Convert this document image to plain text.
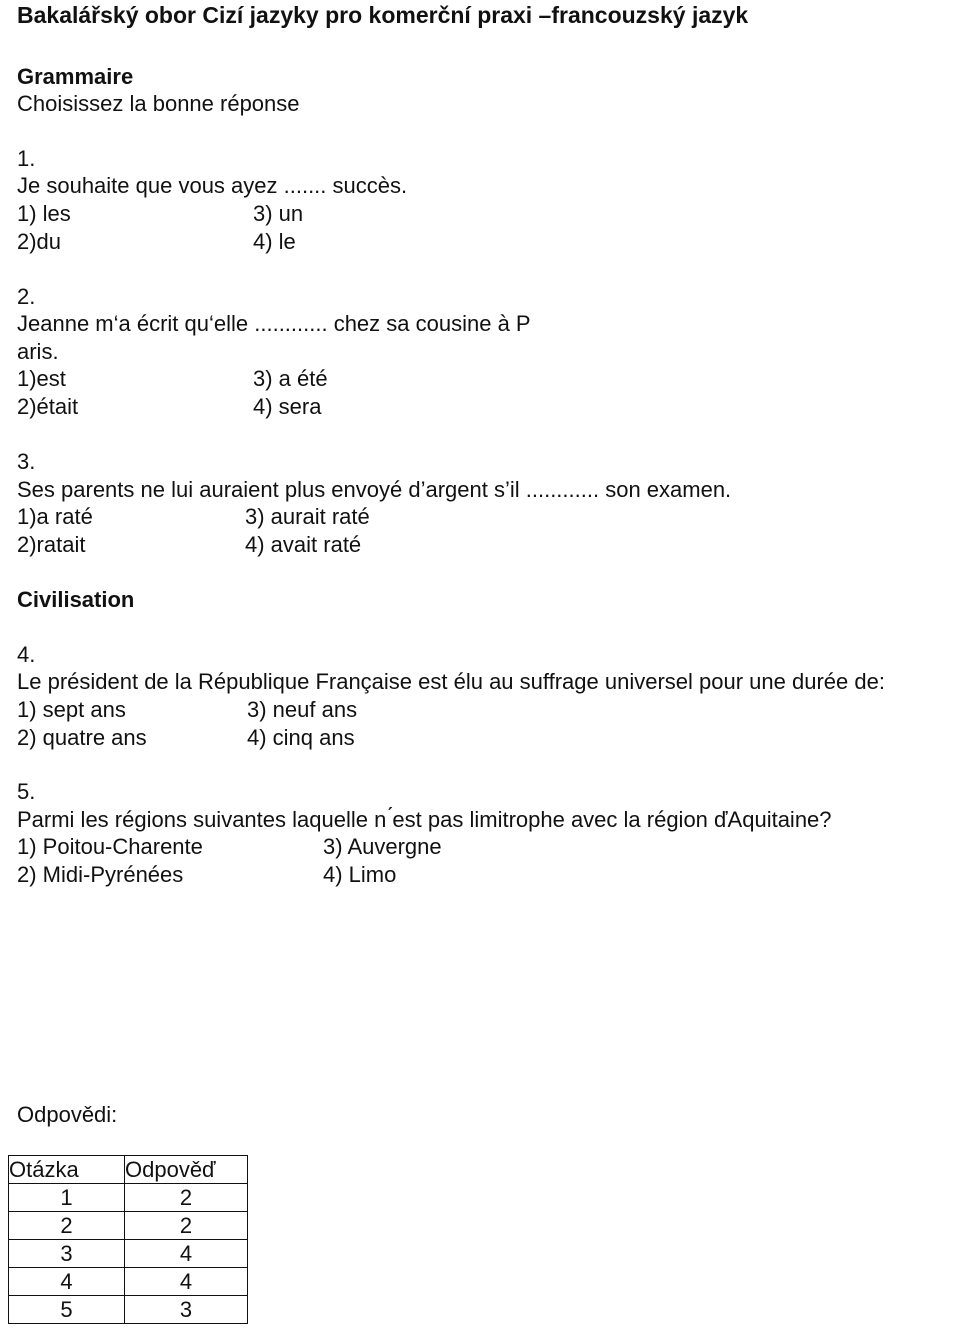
Bakalářský obor Cizí jazyky pro komerční praxi –francouzský jazyk
Grammaire
Choisissez la bonne réponse
1.
Je souhaite que vous ayez ....... succès.
1) les	3) un
2)du	4) le
2.
Jeanne m‘a écrit qu‘elle ............ chez sa cousine à P
aris.
1)est	3) a été
2)était	4) sera
3.
Ses parents ne lui auraient plus envoyé d’argent s’il ............ son examen.
1)a raté	3) aurait raté
2)ratait	4) avait raté
Civilisation
4.
Le président de la République Française est élu au suffrage universel pour une durée de:
1) sept ans	3) neuf ans
2) quatre ans	4) cinq ans
5.
Parmi les régions suivantes laquelle n ́est pas limitrophe avec la région ďAquitaine?
1) Poitou-Charente	3) Auvergne
2) Midi-Pyrénées	4) Limo
Odpovědi:
Otázka	Odpověď
1	2
2	2
3	4
4	4
5	3
